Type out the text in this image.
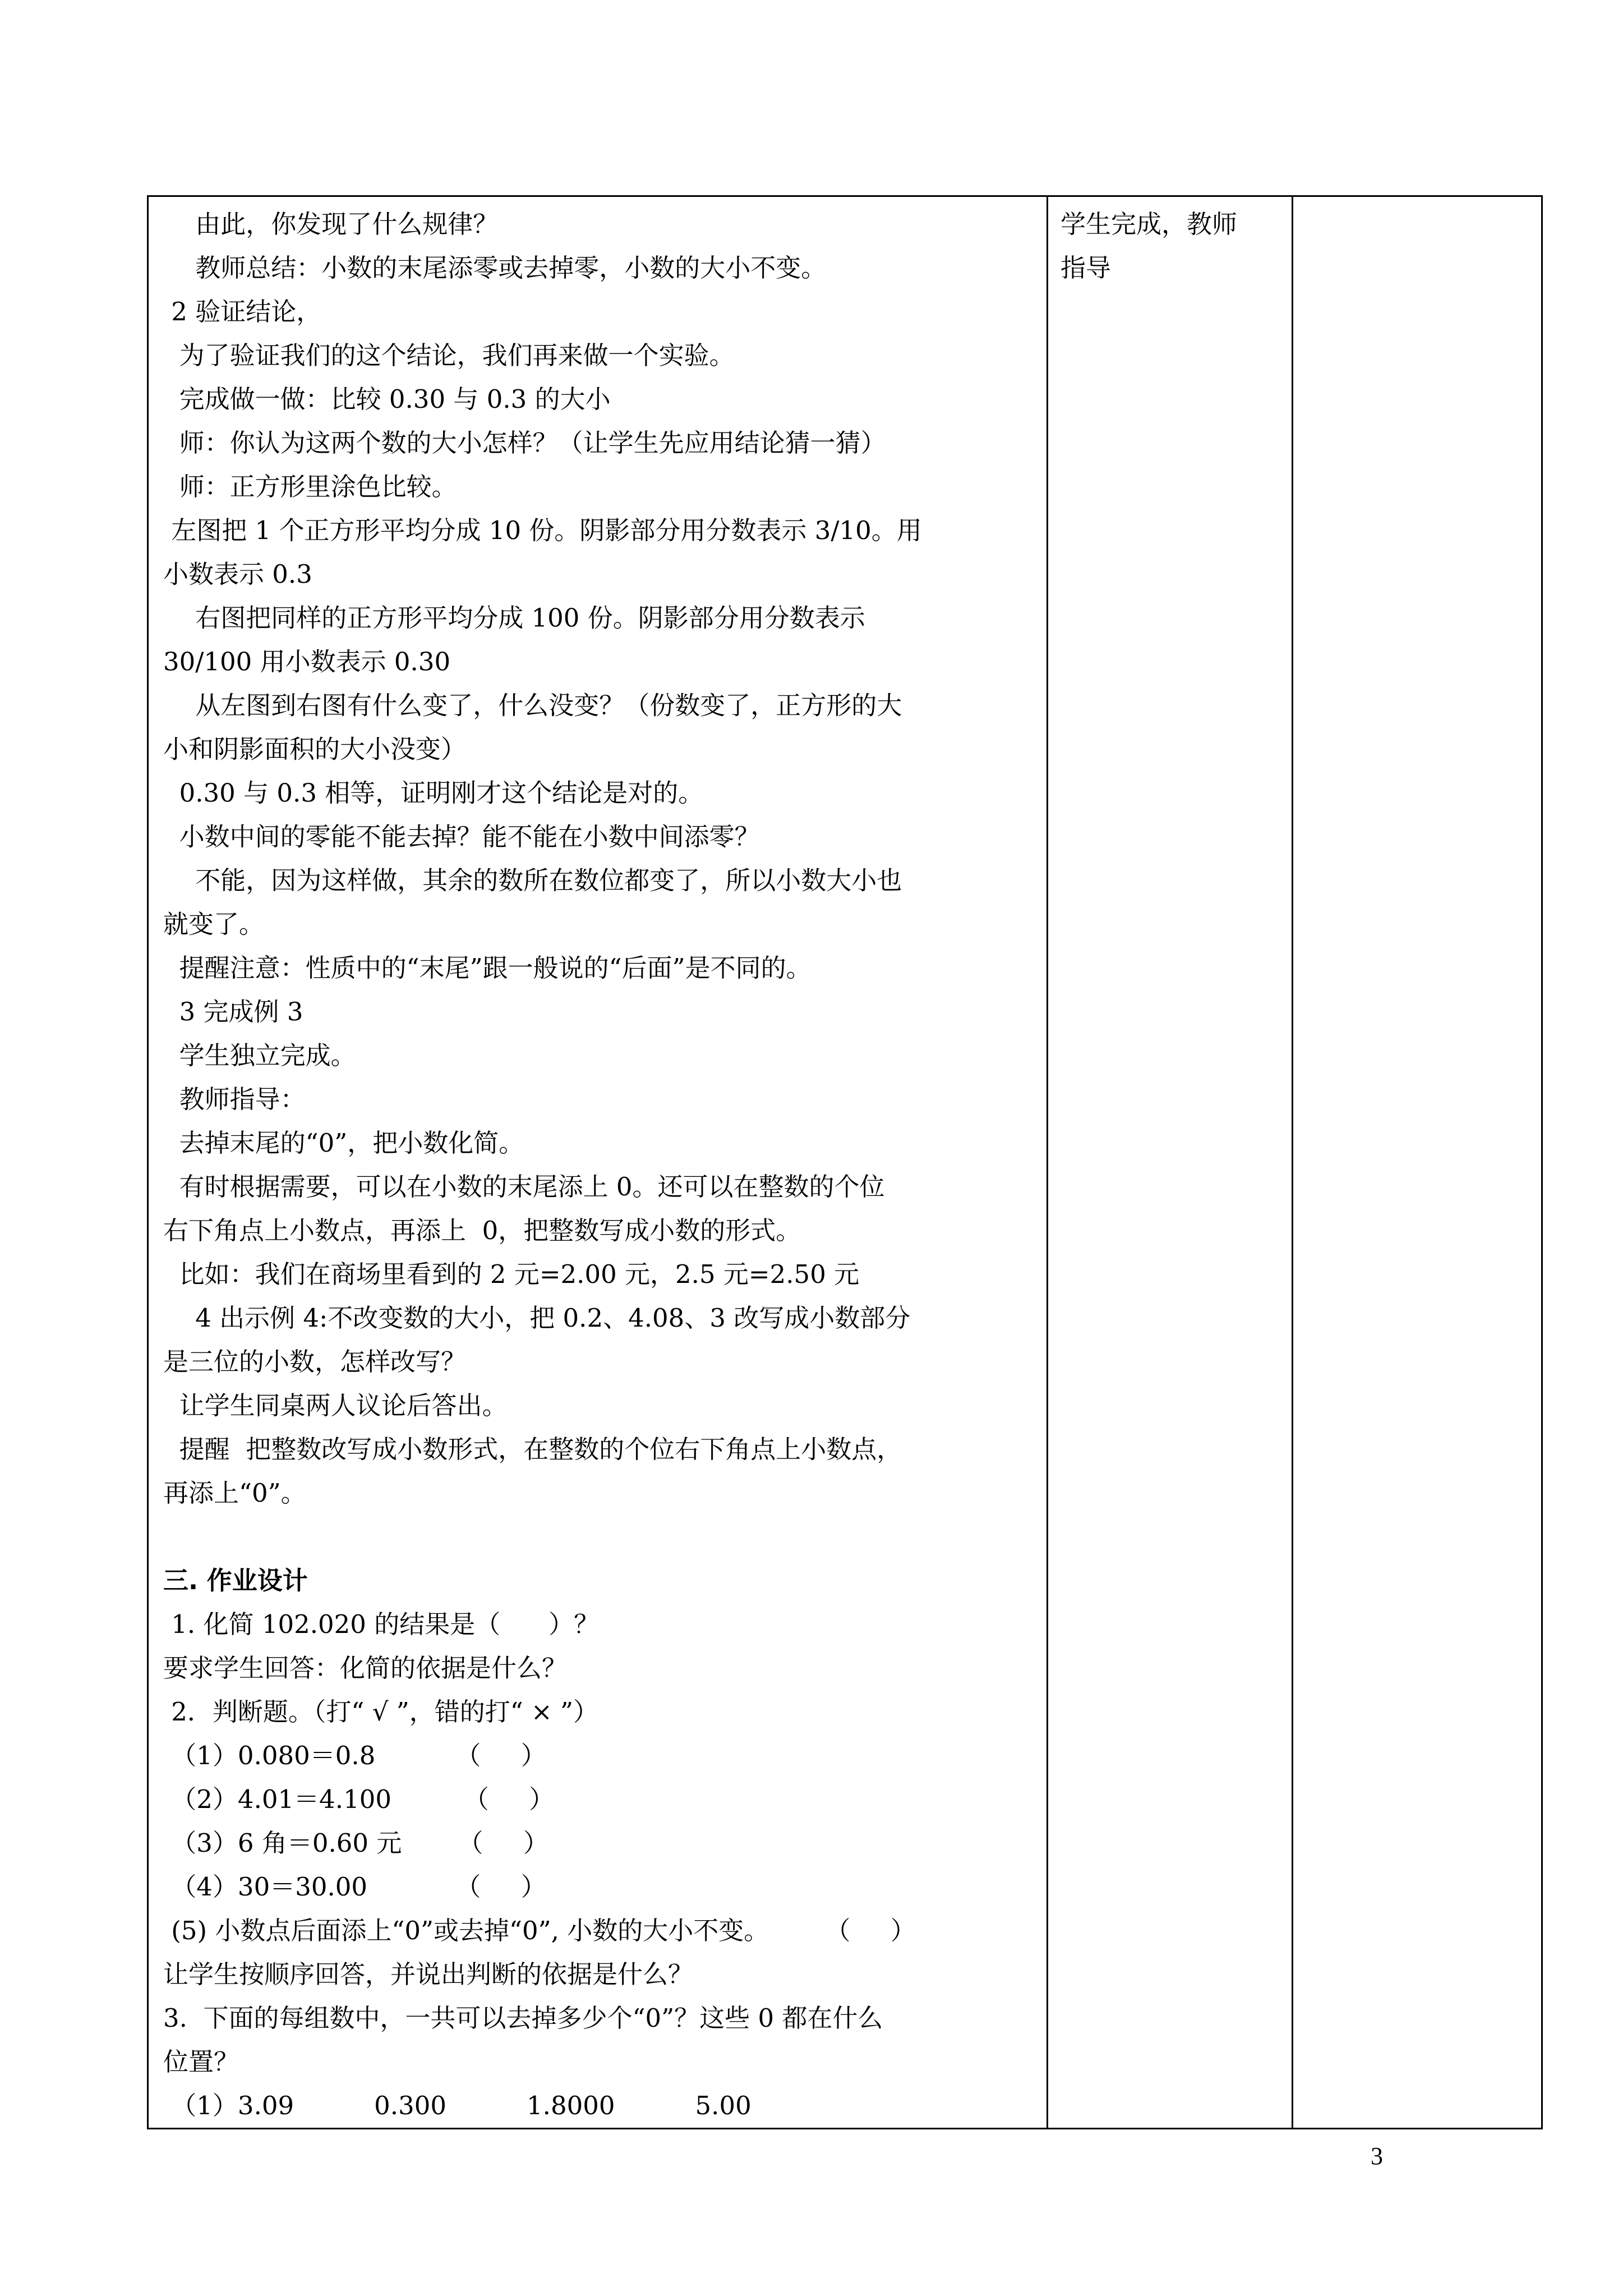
由此，你发现了什么规律？
教师总结：小数的末尾添零或去掉零，小数的大小不变。
2 验证结论，
为了验证我们的这个结论，我们再来做一个实验。
完成做一做：比较 0.30 与 0.3 的大小
师：你认为这两个数的大小怎样？（让学生先应用结论猜一猜）
师：正方形里涂色比较。
左图把 1 个正方形平均分成 10 份。阴影部分用分数表示 3/10。用
小数表示 0.3
右图把同样的正方形平均分成 100 份。阴影部分用分数表示
30/100 用小数表示 0.30
从左图到右图有什么变了，什么没变？（份数变了，正方形的大
小和阴影面积的大小没变）
0.30 与 0.3 相等，证明刚才这个结论是对的。
小数中间的零能不能去掉？能不能在小数中间添零？
不能，因为这样做，其余的数所在数位都变了，所以小数大小也
就变了。
提醒注意：性质中的“末尾”跟一般说的“后面”是不同的。
3 完成例 3
学生独立完成。
教师指导：
去掉末尾的“0”，把小数化简。
有时根据需要，可以在小数的末尾添上 0。还可以在整数的个位
右下角点上小数点，再添上  0，把整数写成小数的形式。
比如：我们在商场里看到的 2 元=2.00 元，2.5 元=2.50 元
4 出示例 4:不改变数的大小，把 0.2、4.08、3 改写成小数部分
是三位的小数，怎样改写？
让学生同桌两人议论后答出。
提醒  把整数改写成小数形式，在整数的个位右下角点上小数点，
再添上“0”。
三. 作业设计
1. 化简 102.020 的结果是（      ）？
要求学生回答：化简的依据是什么？
2．判断题。（打“ √ ”，错的打“ × ”）
（1）0.080＝0.8          （     ）
（2）4.01＝4.100         （     ）
（3）6 角＝0.60 元       （     ）
（4）30＝30.00           （     ）
(5) 小数点后面添上“0”或去掉“0”, 小数的大小不变。       （     ）
让学生按顺序回答，并说出判断的依据是什么？
3.  下面的每组数中，一共可以去掉多少个“0”？这些 0 都在什么
位置？
（1）3.09          0.300          1.8000          5.00

学生完成，教师
指导

3
